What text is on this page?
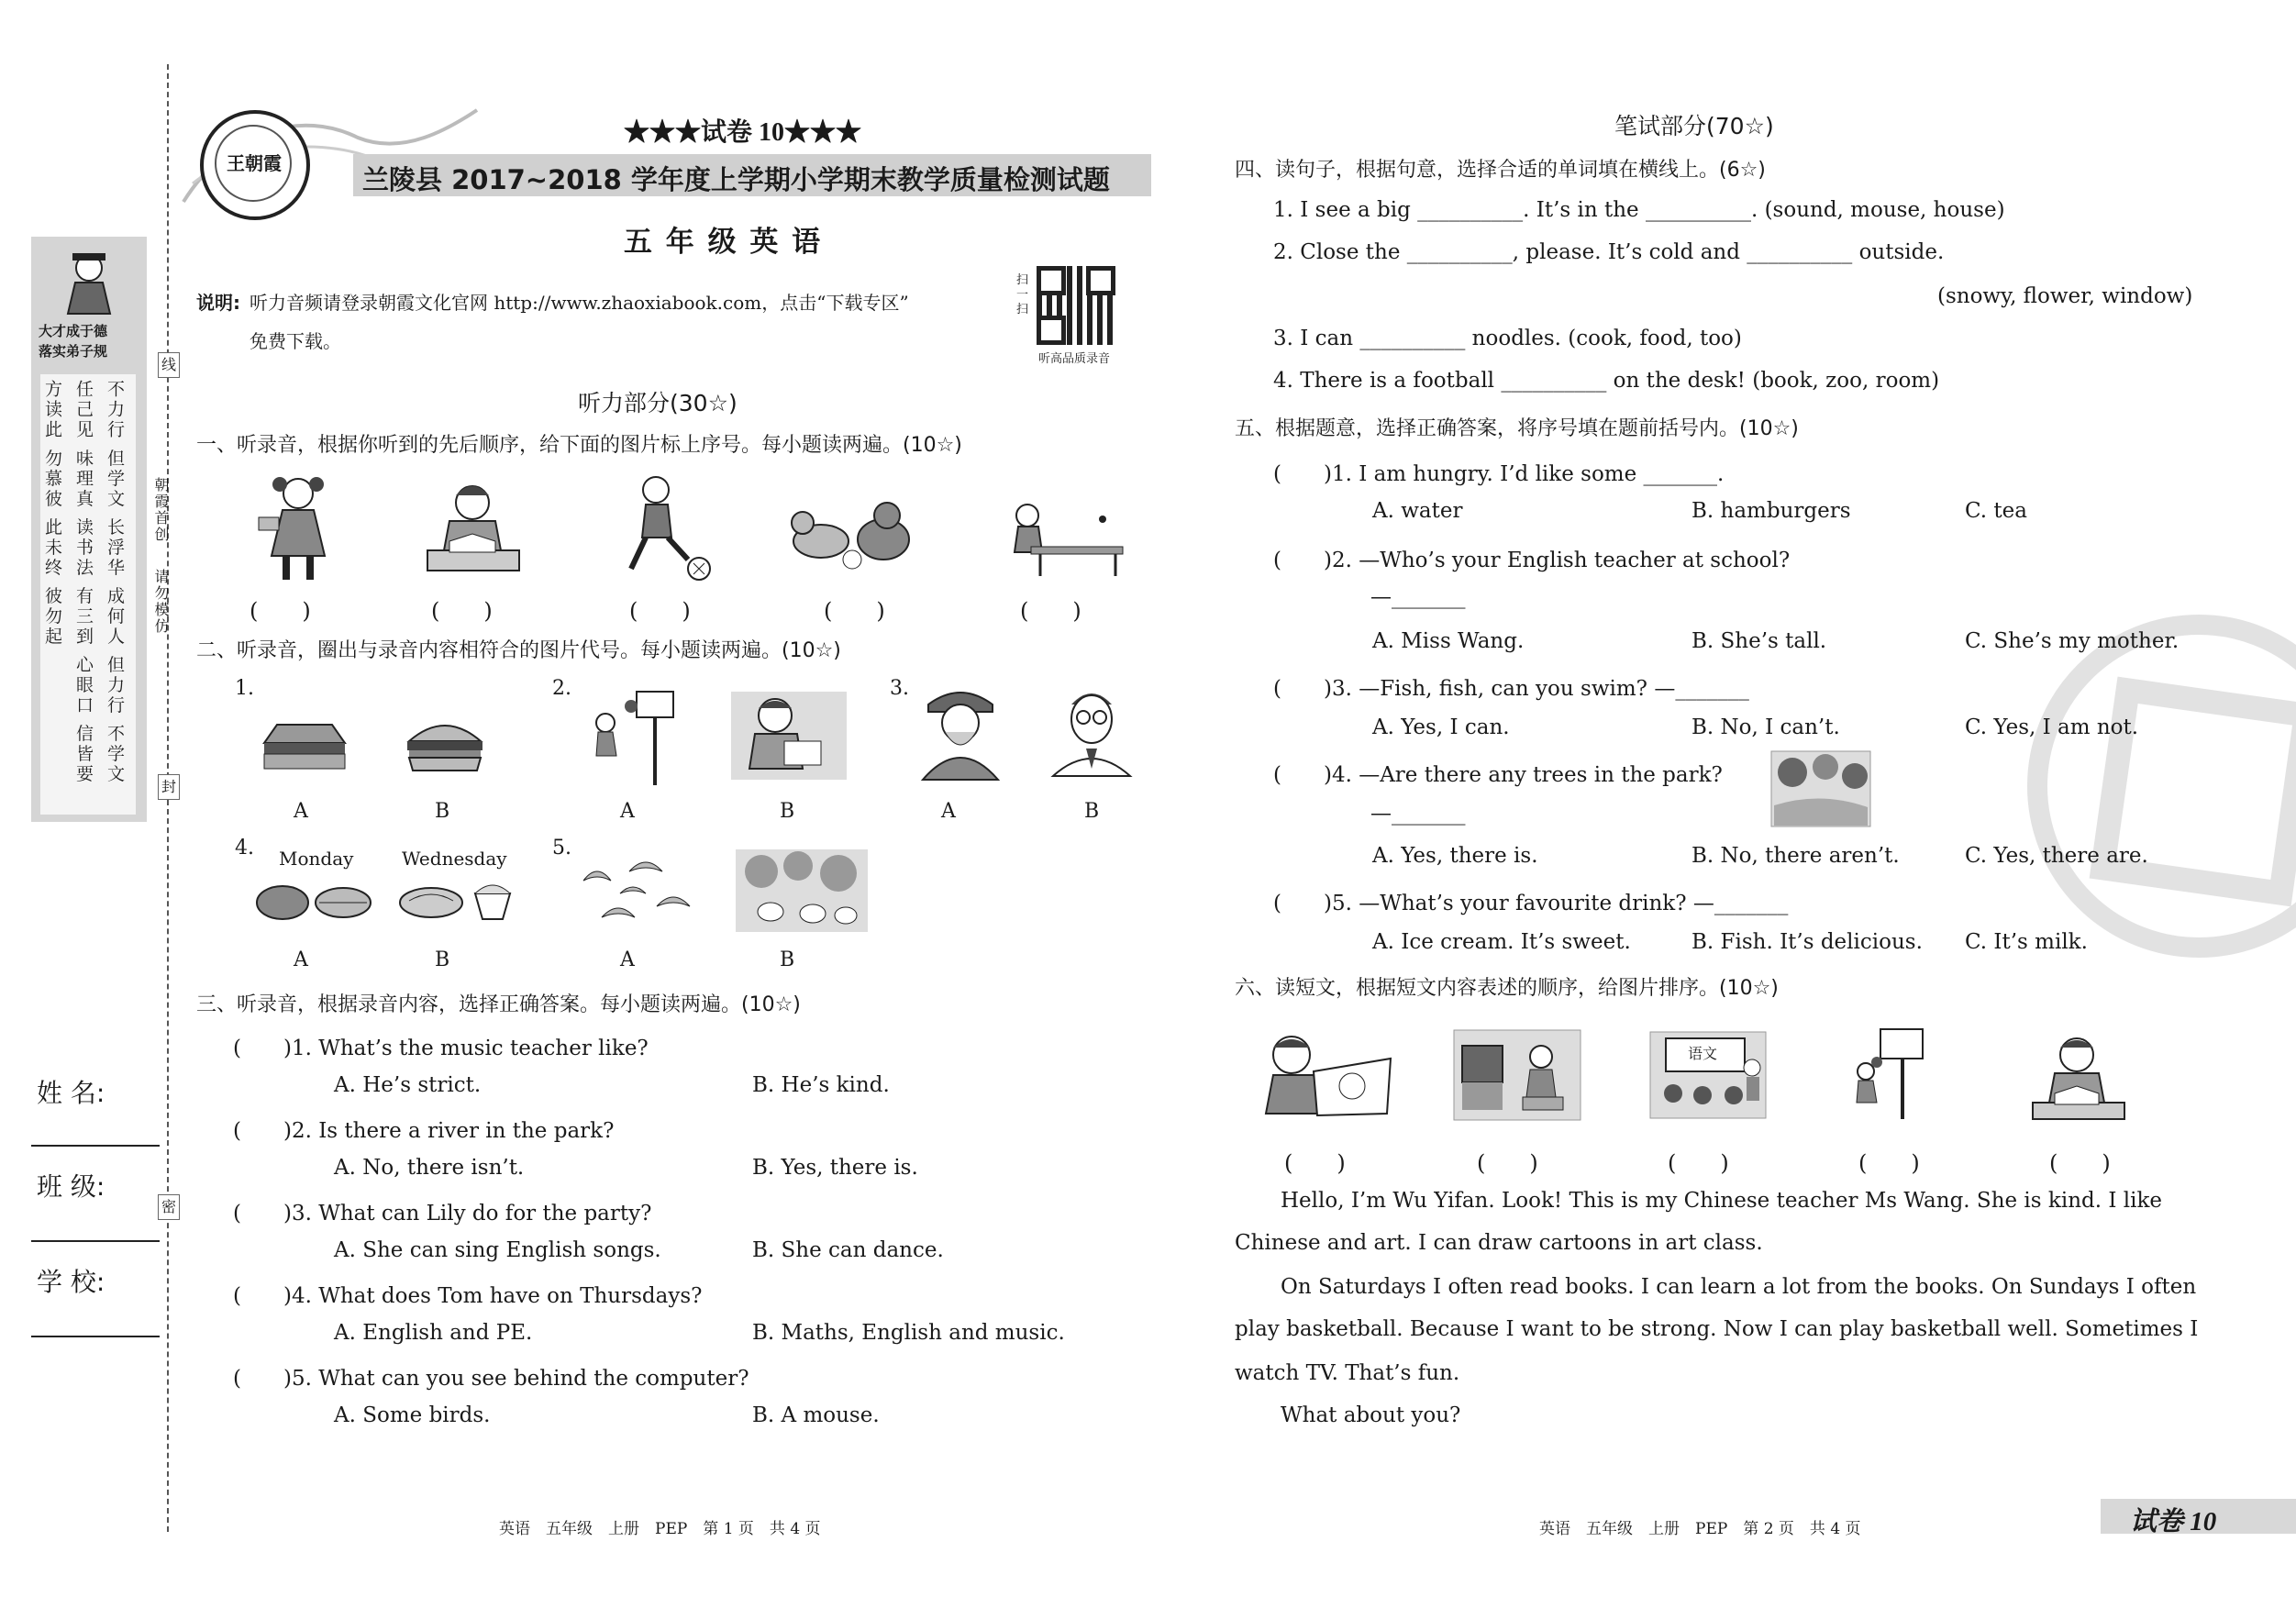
大才成于德
落实弟子规
方读此 勿慕彼 此未终 彼勿起 任己见 味理真 读书法 有三到 心眼口 信皆要 不力行 但学文 长浮华 成何人 但力行 不学文
线
封
密
朝霞首创
请勿模仿
姓 名:
班 级:
学 校:
王朝霞
★★★试卷 10★★★
兰陵县 2017~2018 学年度上学期小学期末教学质量检测试题
五 年 级 英 语
说明: 听力音频请登录朝霞文化官网 http://www.zhaoxiabook.com，点击“下载专区”
免费下载。
扫一扫
听高品质录音
听力部分(30☆)
一、听录音，根据你听到的先后顺序，给下面的图片标上序号。每小题读两遍。(10☆)
(　　)	(　　)	(　　)	(　　)	(　　)
二、听录音，圈出与录音内容相符合的图片代号。每小题读两遍。(10☆)
1.	2.	3.
4.	5.
A	B	A	B	A	B
Monday	Wednesday
A	B	A	B
三、听录音，根据录音内容，选择正确答案。每小题读两遍。(10☆)
(　　)1. What’s the music teacher like?
A. He’s strict.	B. He’s kind.
(　　)2. Is there a river in the park?
A. No, there isn’t.	B. Yes, there is.
(　　)3. What can Lily do for the party?
A. She can sing English songs.	B. She can dance.
(　　)4. What does Tom have on Thursdays?
A. English and PE.	B. Maths, English and music.
(　　)5. What can you see behind the computer?
A. Some birds.	B. A mouse.
笔试部分(70☆)
四、读句子，根据句意，选择合适的单词填在横线上。(6☆)
1. I see a big __________. It’s in the __________. (sound, mouse, house)
2. Close the __________, please. It’s cold and __________ outside.
(snowy, flower, window)
3. I can __________ noodles. (cook, food, too)
4. There is a football __________ on the desk! (book, zoo, room)
五、根据题意，选择正确答案，将序号填在题前括号内。(10☆)
(　　)1. I am hungry. I’d like some _______.
A. water	B. hamburgers	C. tea
(　　)2. —Who’s your English teacher at school?
—_______
A. Miss Wang.	B. She’s tall.	C. She’s my mother.
(　　)3. —Fish, fish, can you swim? —_______
A. Yes, I can.	B. No, I can’t.	C. Yes, I am not.
(　　)4. —Are there any trees in the park?
—_______
A. Yes, there is.	B. No, there aren’t.	C. Yes, there are.
(　　)5. —What’s your favourite drink? —_______
A. Ice cream. It’s sweet.	B. Fish. It’s delicious. C. It’s milk.
六、读短文，根据短文内容表述的顺序，给图片排序。(10☆)
语文
(　　)	(　　)	(　　)	(　　)	(　　)
Hello, I’m Wu Yifan. Look! This is my Chinese teacher Ms Wang. She is kind. I like
Chinese and art. I can draw cartoons in art class.
On Saturdays I often read books. I can learn a lot from the books. On Sundays I often
play basketball. Because I want to be strong. Now I can play basketball well. Sometimes I
watch TV. That’s fun.
What about you?
英语　五年级　上册　PEP　第 1 页　共 4 页	英语　五年级　上册　PEP　第 2 页　共 4 页	试卷 10
